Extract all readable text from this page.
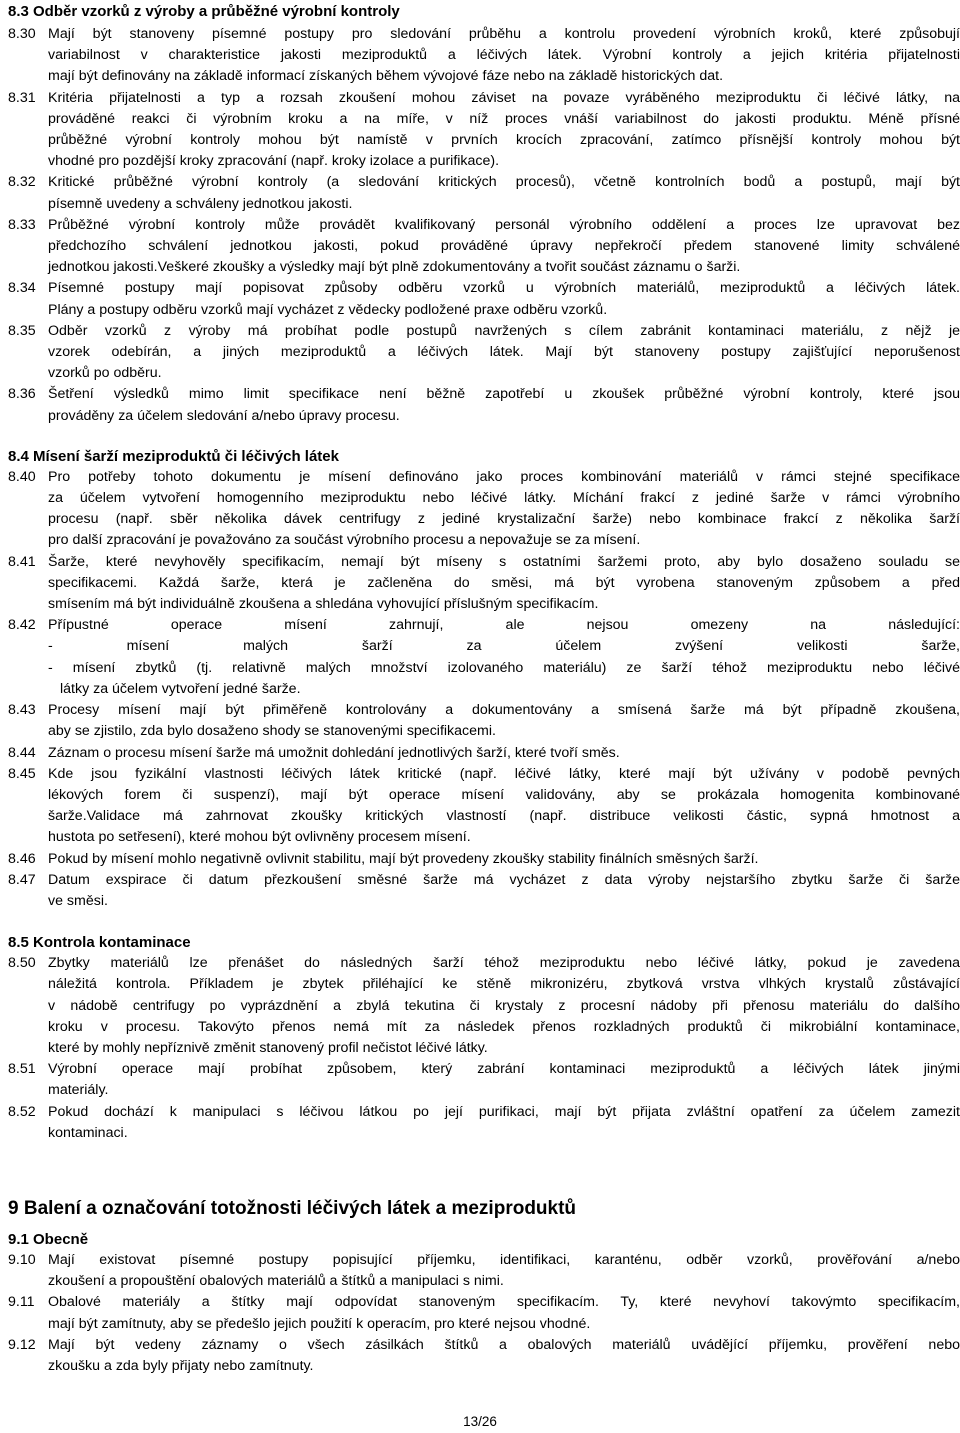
8.3 Odběr vzorků z výroby a průběžné výrobní kontroly
8.30 Mají být stanoveny písemné postupy pro sledování průběhu a kontrolu provedení výrobních kroků, které způsobují
variabilnost v charakteristice jakosti meziproduktů a léčivých látek. Výrobní kontroly a jejich kritéria přijatelnosti
mají být definovány na základě informací získaných během vývojové fáze nebo na základě historických dat.
8.31 Kritéria přijatelnosti a typ a rozsah zkoušení mohou záviset na povaze vyráběného meziproduktu či léčivé látky, na
prováděné reakci či výrobním kroku a na míře, v níž proces vnáší variabilnost do jakosti produktu. Méně přísné
průběžné výrobní kontroly mohou být namístě v prvních krocích zpracování, zatímco přísnější kontroly mohou být
vhodné pro pozdější kroky zpracování (např. kroky izolace a purifikace).
8.32 Kritické průběžné výrobní kontroly (a sledování kritických procesů), včetně kontrolních bodů a postupů, mají být
písemně uvedeny a schváleny jednotkou jakosti.
8.33 Průběžné výrobní kontroly může provádět kvalifikovaný personál výrobního oddělení a proces lze upravovat bez
předchozího schválení jednotkou jakosti, pokud prováděné úpravy nepřekročí předem stanovené limity schválené
jednotkou jakosti.Veškeré zkoušky a výsledky mají být plně zdokumentovány a tvořit součást záznamu o šarži.
8.34 Písemné postupy mají popisovat způsoby odběru vzorků u výrobních materiálů, meziproduktů a léčivých látek.
Plány a postupy odběru vzorků mají vycházet z vědecky podložené praxe odběru vzorků.
8.35 Odběr vzorků z výroby má probíhat podle postupů navržených s cílem zabránit kontaminaci materiálu, z nějž je
vzorek odebírán, a jiných meziproduktů a léčivých látek. Mají být stanoveny postupy zajišťující neporušenost
vzorků po odběru.
8.36 Šetření výsledků mimo limit specifikace není běžně zapotřebí u zkoušek průběžné výrobní kontroly, které jsou
prováděny za účelem sledování a/nebo úpravy procesu.
8.4 Mísení šarží meziproduktů či léčivých látek
8.40 Pro potřeby tohoto dokumentu je mísení definováno jako proces kombinování materiálů v rámci stejné specifikace
za účelem vytvoření homogenního meziproduktu nebo léčivé látky. Míchání frakcí z jediné šarže v rámci výrobního
procesu (např. sběr několika dávek centrifugy z jediné krystalizační šarže) nebo kombinace frakcí z několika šarží
pro další zpracování je považováno za součást výrobního procesu a nepovažuje se za mísení.
8.41 Šarže, které nevyhověly specifikacím, nemají být míseny s ostatními šaržemi proto, aby bylo dosaženo souladu se
specifikacemi. Každá šarže, která je začleněna do směsi, má být vyrobena stanoveným způsobem a před
smísením má být individuálně zkoušena a shledána vyhovující příslušným specifikacím.
8.42 Přípustné operace mísení zahrnují, ale nejsou omezeny na následující:
- mísení malých šarží za účelem zvýšení velikosti šarže,
- mísení zbytků (tj. relativně malých množství izolovaného materiálu) ze šarží téhož meziproduktu nebo léčivé
látky za účelem vytvoření jedné šarže.
8.43 Procesy mísení mají být přiměřeně kontrolovány a dokumentovány a smísená šarže má být případně zkoušena,
aby se zjistilo, zda bylo dosaženo shody se stanovenými specifikacemi.
8.44 Záznam o procesu mísení šarže má umožnit dohledání jednotlivých šarží, které tvoří směs.
8.45 Kde jsou fyzikální vlastnosti léčivých látek kritické (např. léčivé látky, které mají být užívány v podobě pevných
lékových forem či suspenzí), mají být operace mísení validovány, aby se prokázala homogenita kombinované
šarže.Validace má zahrnovat zkoušky kritických vlastností (např. distribuce velikosti částic, sypná hmotnost a
hustota po setřesení), které mohou být ovlivněny procesem mísení.
8.46 Pokud by mísení mohlo negativně ovlivnit stabilitu, mají být provedeny zkoušky stability finálních směsných šarží.
8.47 Datum exspirace či datum přezkoušení směsné šarže má vycházet z data výroby nejstaršího zbytku šarže či šarže
ve směsi.
8.5 Kontrola kontaminace
8.50 Zbytky materiálů lze přenášet do následných šarží téhož meziproduktu nebo léčivé látky, pokud je zavedena
náležitá kontrola. Příkladem je zbytek přiléhající ke stěně mikronizéru, zbytková vrstva vlhkých krystalů zůstávající
v nádobě centrifugy po vyprázdnění a zbylá tekutina či krystaly z procesní nádoby při přenosu materiálu do dalšího
kroku v procesu. Takovýto přenos nemá mít za následek přenos rozkladných produktů či mikrobiální kontaminace,
které by mohly nepříznivě změnit stanovený profil nečistot léčivé látky.
8.51 Výrobní operace mají probíhat způsobem, který zabrání kontaminaci meziproduktů a léčivých látek jinými
materiály.
8.52 Pokud dochází k manipulaci s léčivou látkou po její purifikaci, mají být přijata zvláštní opatření za účelem zamezit
kontaminaci.
9 Balení a označování totožnosti léčivých látek a meziproduktů
9.1 Obecně
9.10 Mají existovat písemné postupy popisující příjemku, identifikaci, karanténu, odběr vzorků, prověřování a/nebo
zkoušení a propouštění obalových materiálů a štítků a manipulaci s nimi.
9.11 Obalové materiály a štítky mají odpovídat stanoveným specifikacím. Ty, které nevyhoví takovýmto specifikacím,
mají být zamítnuty, aby se předešlo jejich použití k operacím, pro které nejsou vhodné.
9.12 Mají být vedeny záznamy o všech zásilkách štítků a obalových materiálů uvádějící příjemku, prověření nebo
zkoušku a zda byly přijaty nebo zamítnuty.
13/26
